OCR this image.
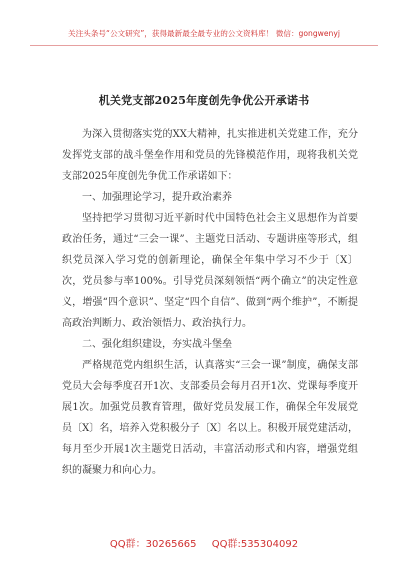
关注头条号“公文研究”，获得最新最全最专业的公文资料库！ 微信：gongwenyj
机关党支部2025年度创先争优公开承诺书

为深入贯彻落实党的XX大精神，扎实推进机关党建工作，充分发挥党支部的战斗堡垒作用和党员的先锋模范作用，现将我机关党支部2025年度创先争优工作承诺如下：

一、加强理论学习，提升政治素养

坚持把学习贯彻习近平新时代中国特色社会主义思想作为首要政治任务，通过“三会一课”、主题党日活动、专题讲座等形式，组织党员深入学习党的创新理论，确保全年集中学习不少于〔X〕次，党员参与率100%。引导党员深刻领悟“两个确立”的决定性意义，增强“四个意识”、坚定“四个自信”、做到“两个维护”，不断提高政治判断力、政治领悟力、政治执行力。

二、强化组织建设，夯实战斗堡垒

严格规范党内组织生活，认真落实“三会一课”制度，确保支部党员大会每季度召开1次、支部委员会每月召开1次、党课每季度开展1次。加强党员教育管理，做好党员发展工作，确保全年发展党员〔X〕名，培养入党积极分子〔X〕名以上。积极开展党建活动，每月至少开展1次主题党日活动，丰富活动形式和内容，增强党组织的凝聚力和向心力。

QQ群：30265665 QQ群:535304092
